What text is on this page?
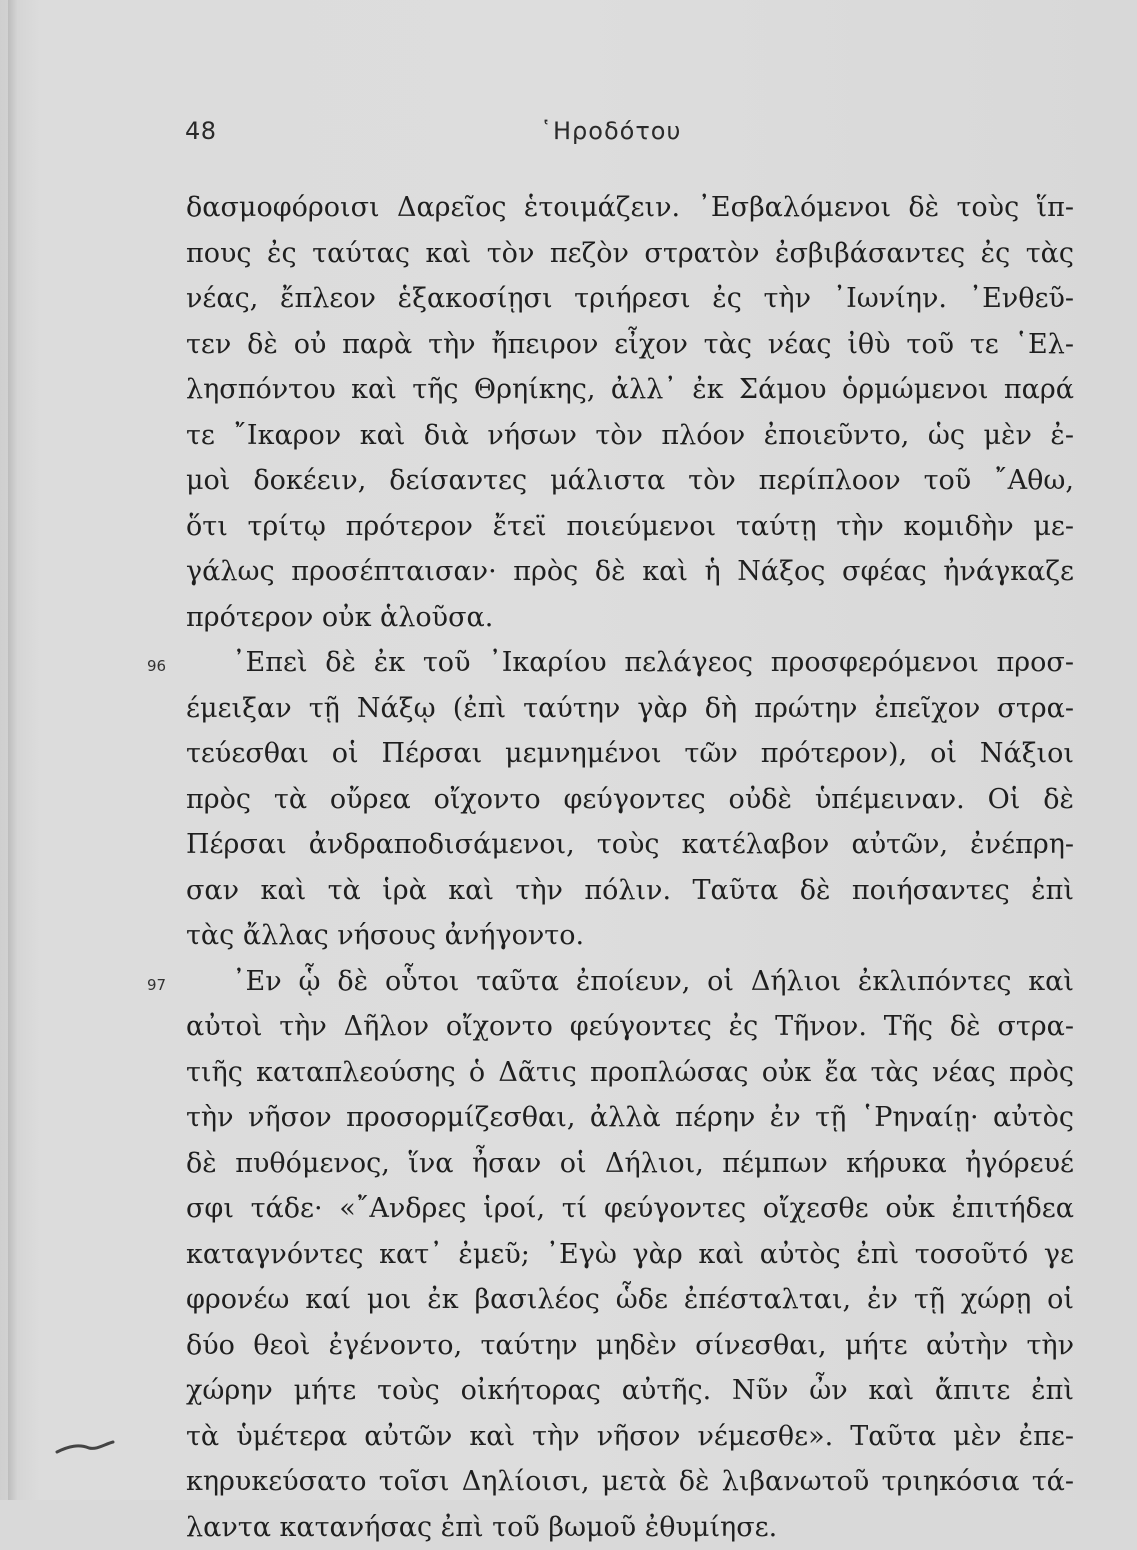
48	῾Ηροδότου
δασμοφόροισι Δαρεῖος ἑτοιμάζειν. ᾿Εσβαλόμενοι δὲ τοὺς ἵπ-
πους ἐς ταύτας καὶ τὸν πεζὸν στρατὸν ἐσβιβάσαντες ἐς τὰς
νέας, ἔπλεον ἑξακοσίῃσι τριήρεσι ἐς τὴν ᾿Ιωνίην. ᾿Ενθεῦ-
τεν δὲ οὐ παρὰ τὴν ἤπειρον εἶχον τὰς νέας ἰθὺ τοῦ τε ῾Ελ-
λησπόντου καὶ τῆς Θρηίκης, ἀλλ᾿ ἐκ Σάμου ὁρμώμενοι παρά
τε ῎Ικαρον καὶ διὰ νήσων τὸν πλόον ἐποιεῦντο, ὡς μὲν ἐ-
μοὶ δοκέειν, δείσαντες μάλιστα τὸν περίπλοον τοῦ ῎Αθω,
ὅτι τρίτῳ πρότερον ἔτεϊ ποιεύμενοι ταύτῃ τὴν κομιδὴν με-
γάλως προσέπταισαν· πρὸς δὲ καὶ ἡ Νάξος σφέας ἠνάγκαζε
πρότερον οὐκ ἁλοῦσα.
96 ᾿Επεὶ δὲ ἐκ τοῦ ᾿Ικαρίου πελάγεος προσφερόμενοι προσ-
έμειξαν τῇ Νάξῳ (ἐπὶ ταύτην γὰρ δὴ πρώτην ἐπεῖχον στρα-
τεύεσθαι οἱ Πέρσαι μεμνημένοι τῶν πρότερον), οἱ Νάξιοι
πρὸς τὰ οὔρεα οἴχοντο φεύγοντες οὐδὲ ὑπέμειναν. Οἱ δὲ
Πέρσαι ἀνδραποδισάμενοι, τοὺς κατέλαβον αὐτῶν, ἐνέπρη-
σαν καὶ τὰ ἱρὰ καὶ τὴν πόλιν. Ταῦτα δὲ ποιήσαντες ἐπὶ
τὰς ἄλλας νήσους ἀνήγοντο.
97 ᾿Εν ᾧ δὲ οὗτοι ταῦτα ἐποίευν, οἱ Δήλιοι ἐκλιπόντες καὶ
αὐτοὶ τὴν Δῆλον οἴχοντο φεύγοντες ἐς Τῆνον. Τῆς δὲ στρα-
τιῆς καταπλεούσης ὁ Δᾶτις προπλώσας οὐκ ἔα τὰς νέας πρὸς
τὴν νῆσον προσορμίζεσθαι, ἀλλὰ πέρην ἐν τῇ ῾Ρηναίῃ· αὐτὸς
δὲ πυθόμενος, ἵνα ἦσαν οἱ Δήλιοι, πέμπων κήρυκα ἠγόρευέ
σφι τάδε· «῎Ανδρες ἱροί, τί φεύγοντες οἴχεσθε οὐκ ἐπιτήδεα
καταγνόντες κατ᾿ ἐμεῦ; ᾿Εγὼ γὰρ καὶ αὐτὸς ἐπὶ τοσοῦτό γε
φρονέω καί μοι ἐκ βασιλέος ὧδε ἐπέσταλται, ἐν τῇ χώρῃ οἱ
δύο θεοὶ ἐγένοντο, ταύτην μηδὲν σίνεσθαι, μήτε αὐτὴν τὴν
χώρην μήτε τοὺς οἰκήτορας αὐτῆς. Νῦν ὦν καὶ ἄπιτε ἐπὶ
τὰ ὑμέτερα αὐτῶν καὶ τὴν νῆσον νέμεσθε». Ταῦτα μὲν ἐπε-
κηρυκεύσατο τοῖσι Δηλίοισι, μετὰ δὲ λιβανωτοῦ τριηκόσια τά-
λαντα κατανήσας ἐπὶ τοῦ βωμοῦ ἐθυμίησε.
